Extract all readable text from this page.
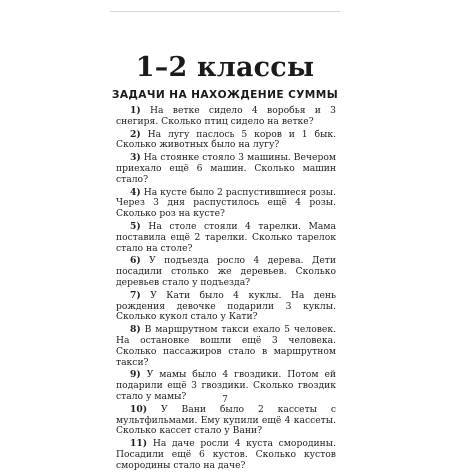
1–2 классы
ЗАДАЧИ НА НАХОЖДЕНИЕ СУММЫ

1) На ветке сидело 4 воробья и 3 снегиря. Сколько птиц сидело на ветке?

2) На лугу паслось 5 коров и 1 бык. Сколько животных было на лугу?

3) На стоянке стояло 3 машины. Вечером приехало ещё 6 машин. Сколько машин стало?

4) На кусте было 2 распустившиеся розы. Через 3 дня распустилось ещё 4 розы. Сколько роз на кусте?

5) На столе стояли 4 тарелки. Мама поставила ещё 2 тарелки. Сколько тарелок стало на столе?

6) У подъезда росло 4 дерева. Дети посадили столько же деревьев. Сколько деревьев стало у подъезда?

7) У Кати было 4 куклы. На день рождения девочке подарили 3 куклы. Сколько кукол стало у Кати?

8) В маршрутном такси ехало 5 человек. На остановке вошли ещё 3 человека. Сколько пассажиров стало в маршрутном такси?

9) У мамы было 4 гвоздики. Потом ей подарили ещё 3 гвоздики. Сколько гвоздик стало у мамы?

10) У Вани было 2 кассеты с мультфильмами. Ему купили ещё 4 кассеты. Сколько кассет стало у Вани?

11) На даче росли 4 куста смородины. Посадили ещё 6 кустов. Сколько кустов смородины стало на даче?

7
